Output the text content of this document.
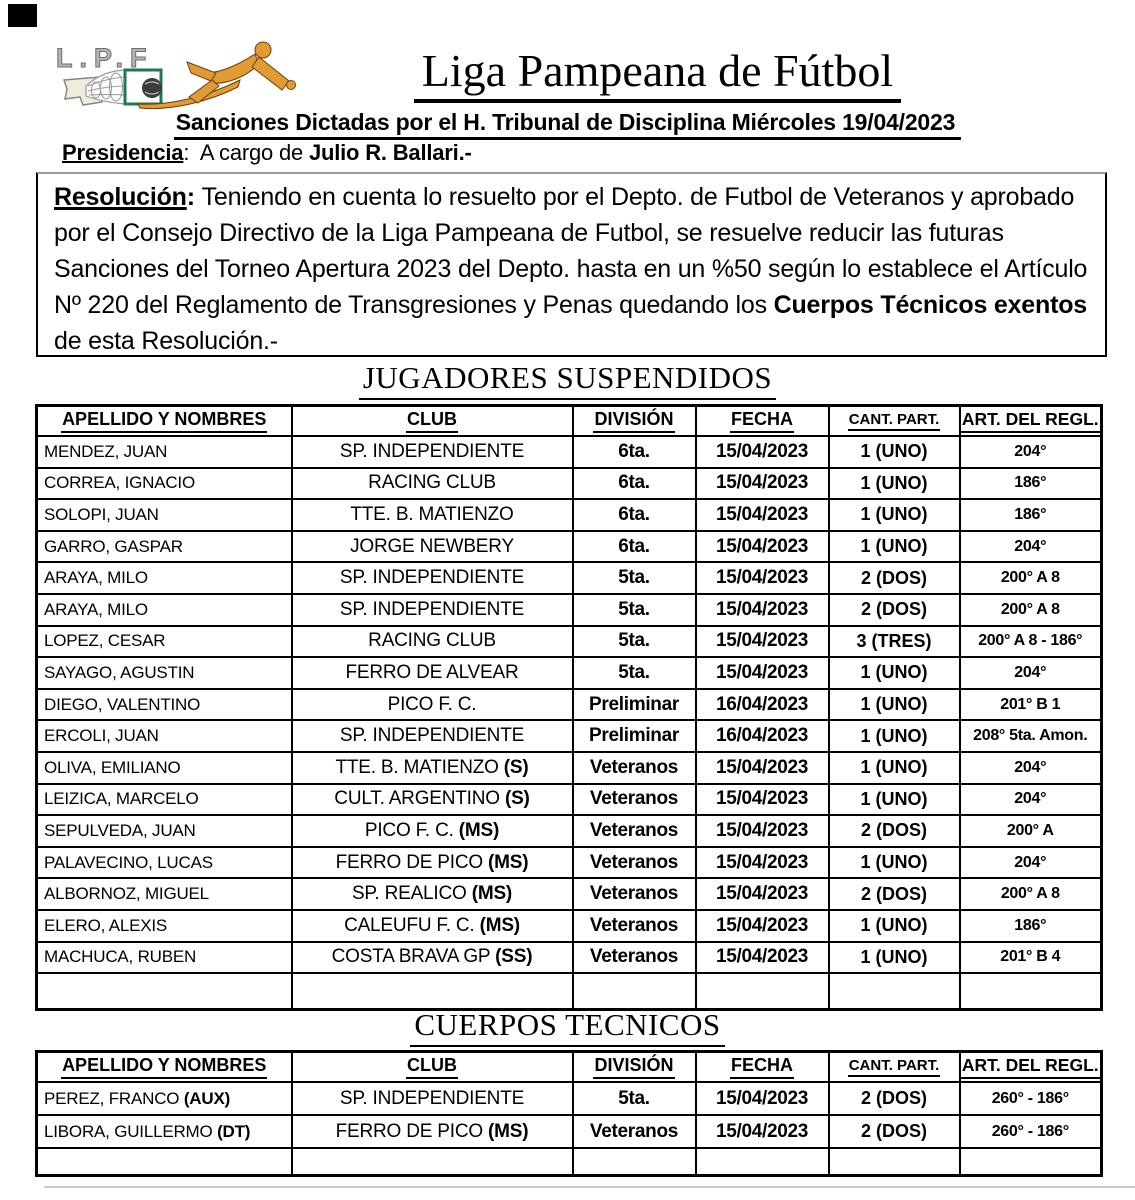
L.P.F	Liga Pampeana de Fútbol
Sanciones Dictadas por el H. Tribunal de Disciplina Miércoles 19/04/2023
Presidencia:  A cargo de Julio R. Ballari.-
Resolución: Teniendo en cuenta lo resuelto por el Depto. de Futbol de Veteranos y aprobado por el Consejo Directivo de la Liga Pampeana de Futbol, se resuelve reducir las futuras Sanciones del Torneo Apertura 2023 del Depto. hasta en un %50 según lo establece el Artículo Nº 220 del Reglamento de Transgresiones y Penas quedando los Cuerpos Técnicos exentos de esta Resolución.-
JUGADORES SUSPENDIDOS
APELLIDO Y NOMBRES	CLUB	DIVISIÓN	FECHA	CANT. PART.	ART. DEL REGL.
MENDEZ, JUAN	SP. INDEPENDIENTE	6ta.	15/04/2023	1 (UNO)	204°
CORREA, IGNACIO	RACING CLUB	6ta.	15/04/2023	1 (UNO)	186°
SOLOPI, JUAN	TTE. B. MATIENZO	6ta.	15/04/2023	1 (UNO)	186°
GARRO, GASPAR	JORGE NEWBERY	6ta.	15/04/2023	1 (UNO)	204°
ARAYA, MILO	SP. INDEPENDIENTE	5ta.	15/04/2023	2 (DOS)	200° A 8
ARAYA, MILO	SP. INDEPENDIENTE	5ta.	15/04/2023	2 (DOS)	200° A 8
LOPEZ, CESAR	RACING CLUB	5ta.	15/04/2023	3 (TRES)	200° A 8 - 186°
SAYAGO, AGUSTIN	FERRO DE ALVEAR	5ta.	15/04/2023	1 (UNO)	204°
DIEGO, VALENTINO	PICO F. C.	Preliminar	16/04/2023	1 (UNO)	201° B 1
ERCOLI, JUAN	SP. INDEPENDIENTE	Preliminar	16/04/2023	1 (UNO)	208° 5ta. Amon.
OLIVA, EMILIANO	TTE. B. MATIENZO (S)	Veteranos	15/04/2023	1 (UNO)	204°
LEIZICA, MARCELO	CULT. ARGENTINO (S)	Veteranos	15/04/2023	1 (UNO)	204°
SEPULVEDA, JUAN	PICO F. C. (MS)	Veteranos	15/04/2023	2 (DOS)	200° A
PALAVECINO, LUCAS	FERRO DE PICO (MS)	Veteranos	15/04/2023	1 (UNO)	204°
ALBORNOZ, MIGUEL	SP. REALICO (MS)	Veteranos	15/04/2023	2 (DOS)	200° A 8
ELERO, ALEXIS	CALEUFU F. C. (MS)	Veteranos	15/04/2023	1 (UNO)	186°
MACHUCA, RUBEN	COSTA BRAVA GP (SS)	Veteranos	15/04/2023	1 (UNO)	201° B 4

CUERPOS TECNICOS
APELLIDO Y NOMBRES	CLUB	DIVISIÓN	FECHA	CANT. PART.	ART. DEL REGL.
PEREZ, FRANCO (AUX)	SP. INDEPENDIENTE	5ta.	15/04/2023	2 (DOS)	260° - 186°
LIBORA, GUILLERMO (DT)	FERRO DE PICO (MS)	Veteranos	15/04/2023	2 (DOS)	260° - 186°
